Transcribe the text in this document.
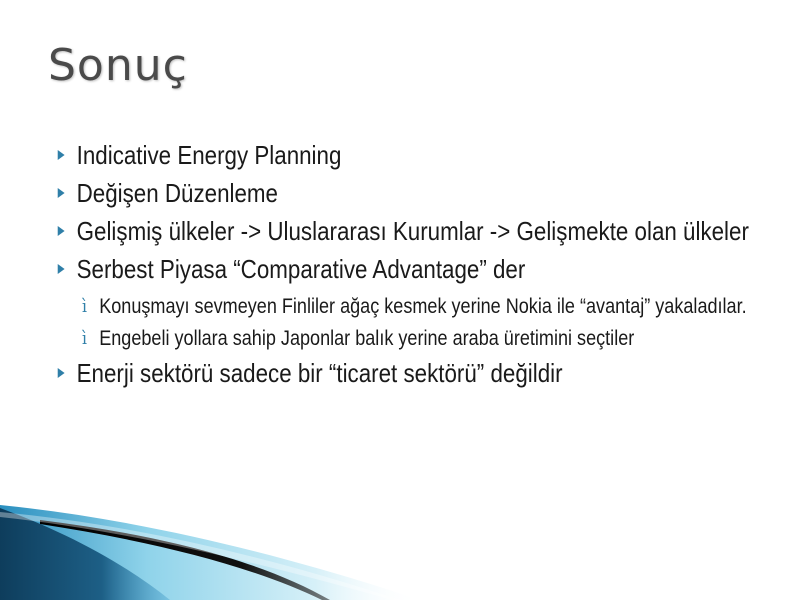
Sonuç
Indicative Energy Planning
Değişen Düzenleme
Gelişmiş ülkeler -> Uluslararası Kurumlar -> Gelişmekte olan ülkeler
Serbest Piyasa “Comparative Advantage” der
ì Konuşmayı sevmeyen Finliler ağaç kesmek yerine Nokia ile “avantaj” yakaladılar.
ì Engebeli yollara sahip Japonlar balık yerine araba üretimini seçtiler
Enerji sektörü sadece bir “ticaret sektörü” değildir
